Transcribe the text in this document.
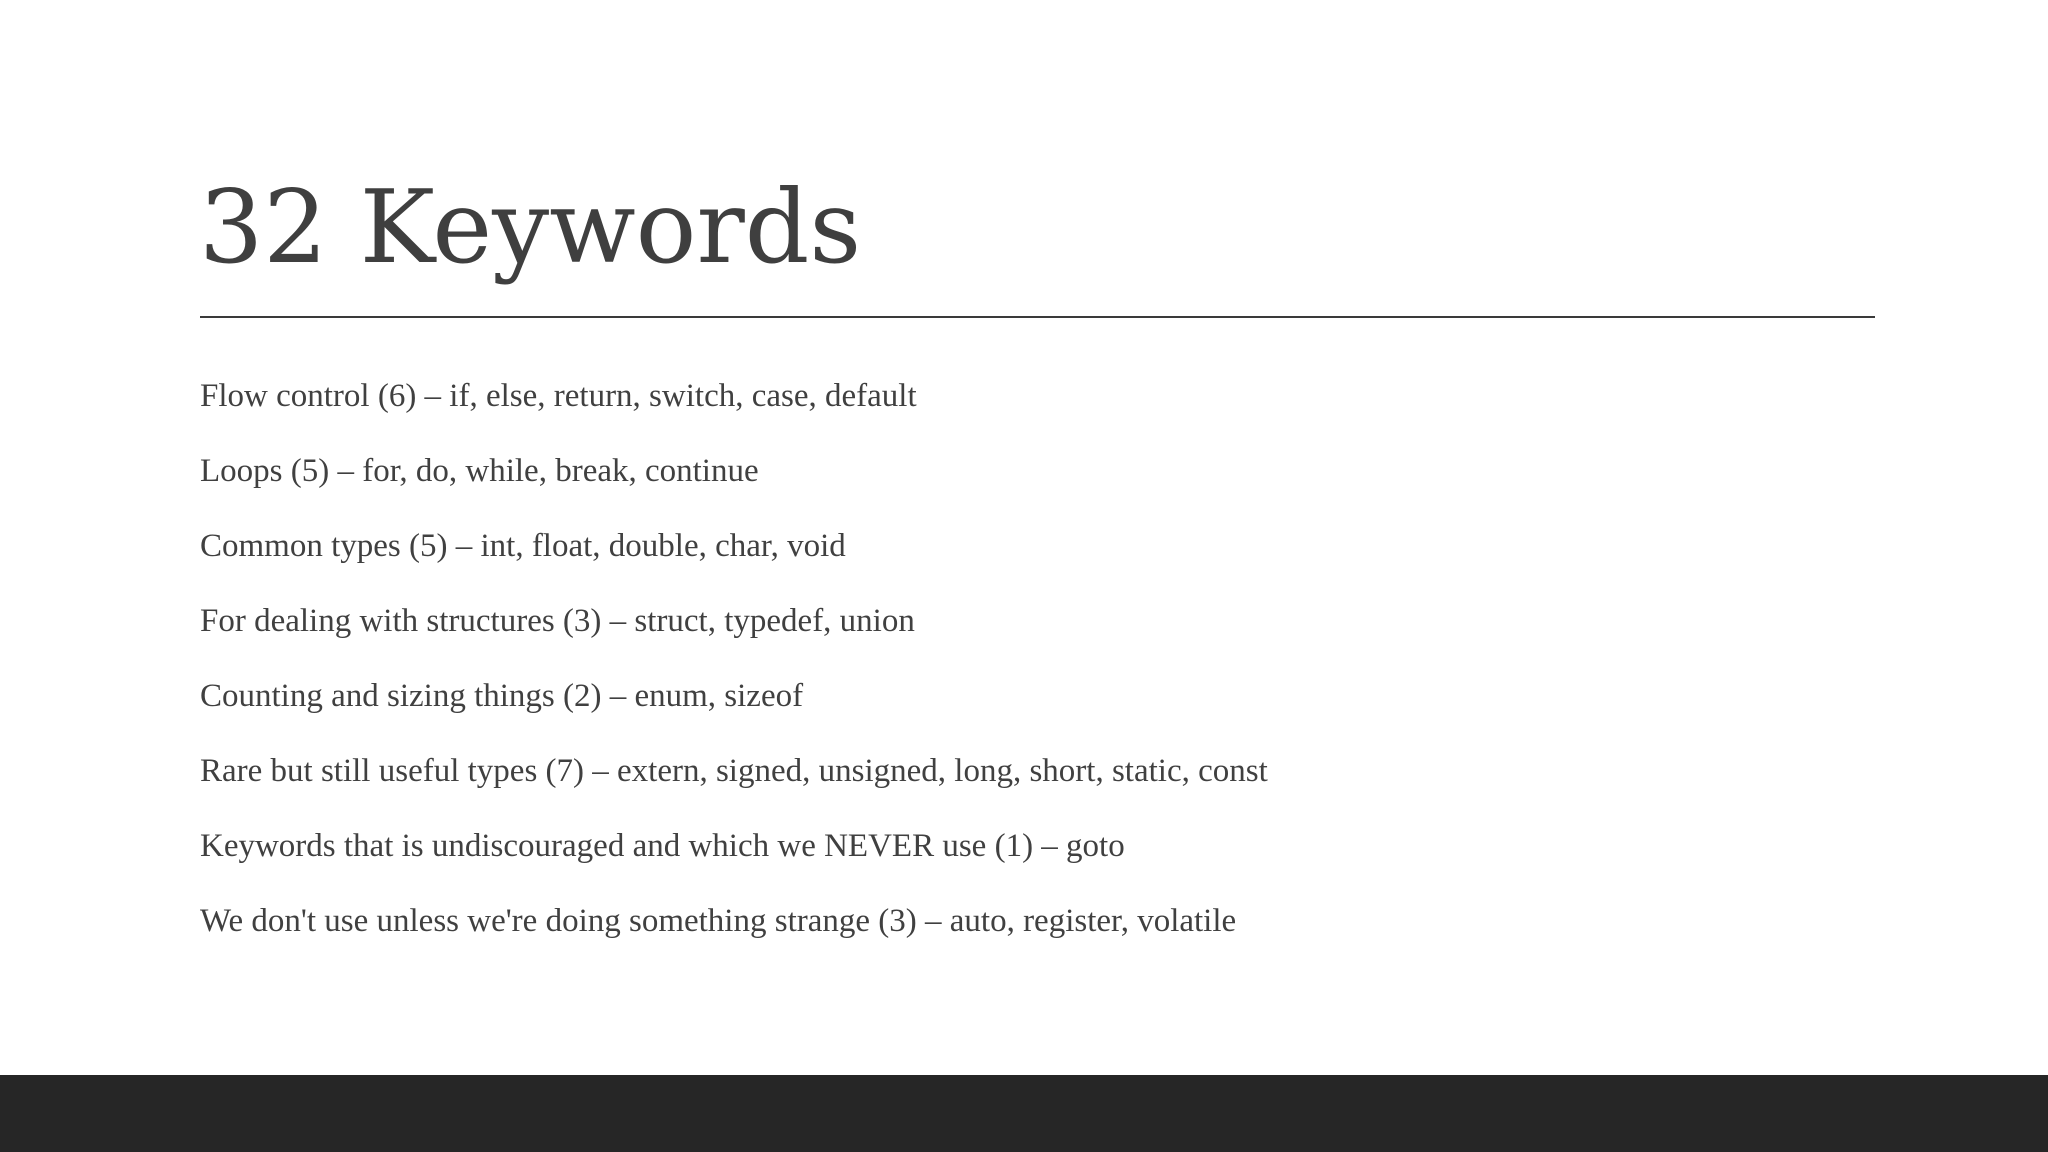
32 Keywords
Flow control (6) – if, else, return, switch, case, default
Loops (5) – for, do, while, break, continue
Common types (5) – int, float, double, char, void
For dealing with structures (3) – struct, typedef, union
Counting and sizing things (2) – enum, sizeof
Rare but still useful types (7) – extern, signed, unsigned, long, short, static, const
Keywords that is undiscouraged and which we NEVER use (1) – goto
We don't use unless we're doing something strange (3) – auto, register, volatile
